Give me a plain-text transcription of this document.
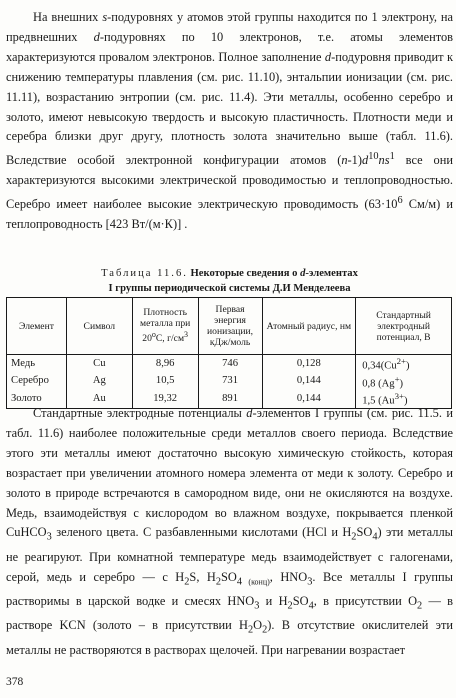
На внешних s-подуровнях у атомов этой группы находится по 1 электрону, на предвнешних d-подуровнях по 10 электронов, т.е. атомы элементов характеризуются провалом электронов. Полное заполнение d-подуровня приводит к снижению температуры плавления (см. рис. 11.10), энтальпии ионизации (см. рис. 11.11), возрастанию энтропии (см. рис. 11.4). Эти металлы, особенно серебро и золото, имеют невысокую твердость и высокую пластичность. Плотности меди и серебра близки друг другу, плотность золота значительно выше (табл. 11.6). Вследствие особой электронной конфигурации атомов $(n-1)d^{10}ns^1$ все они характеризуются высокими электрической проводимостью и теплопроводностью. Серебро имеет наиболее высокие электрическую проводимость ($63\cdot 10^6$ См/м) и теплопроводность [423 Вт/(м·К)] .
Таблица 11.6. Некоторые сведения о d-элементах
I группы периодической системы Д.И Менделеева
Элемент	Символ	Плотность металла при 20$^o$C, $г/см^3$	Первая энергия ионизации, кДж/моль	Атомный радиус, нм	Стандартный электродный потенциал, В
Медь	Cu	8,96	746	0,128	$0,34(Cu^{2+})$
Серебро	Ag	10,5	731	0,144	0,8 (Ag+)
Золото	Au	19,32	891	0,144	1,5 $(Au^{3+})$
Стандартные электродные потенциалы d-элементов I группы (см. рис. 11.5. и табл. 11.6) наиболее положительные среди металлов своего периода. Вследствие этого эти металлы имеют достаточно высокую химическую стойкость, которая возрастает при увеличении атомного номера элемента от меди к золоту. Серебро и золото в природе встречаются в самородном виде, они не окисляются на воздухе. Медь, взаимодействуя с кислородом во влажном воздухе, покрывается пленкой CuHCO$_3$ зеленого цвета. С разбавленными кислотами (HCl и $H_2SO_4$) эти металлы не реагируют. При комнатной температуре медь взаимодействует с галогенами, серой, медь и серебро — с $H_2S$, $H_2SO_4$ $_{(конц)}$, $HNO_3$. Все металлы I группы растворимы в царской водке и смесях $HNO_3$ и $H_2SO_4$, в присутствии $O_2$ — в растворе KCN (золото – в присутствии $H_2O_2$). В отсутствие окислителей эти металлы не растворяются в растворах щелочей. При нагревании возрастает
378
